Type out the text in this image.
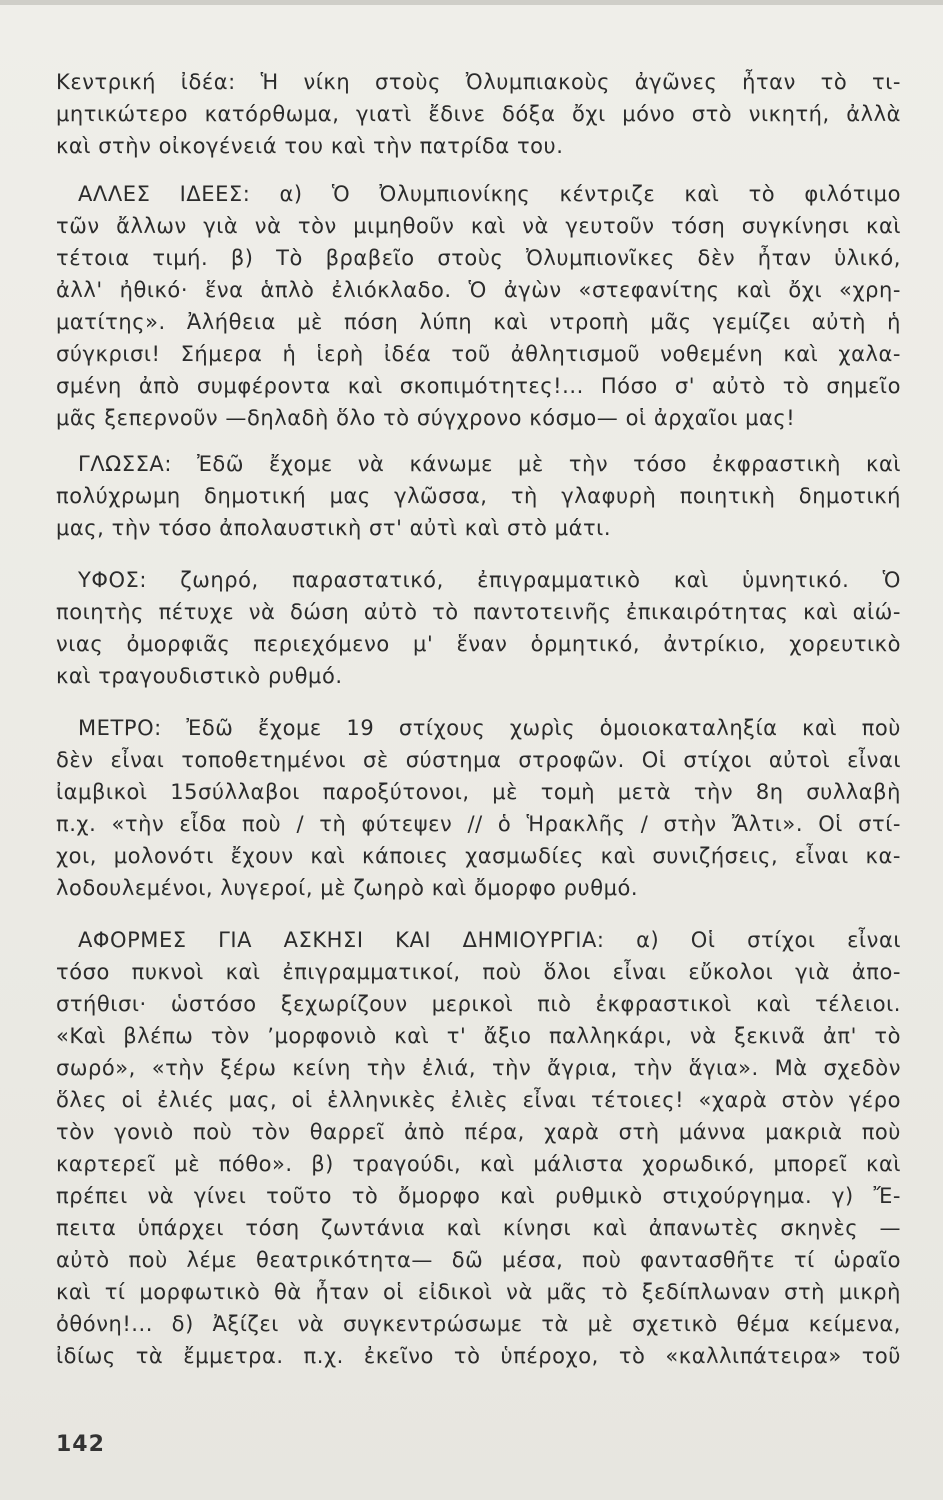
Κεντρική ἰδέα: Ἡ νίκη στοὺς Ὀλυμπιακοὺς ἀγῶνες ἦταν τὸ τι-
μητικώτερο κατόρθωμα, γιατὶ ἔδινε δόξα ὄχι μόνο στὸ νικητή, ἀλλὰ
καὶ στὴν οἰκογένειά του καὶ τὴν πατρίδα του.
ΑΛΛΕΣ ΙΔΕΕΣ: α) Ὁ Ὀλυμπιονίκης κέντριζε καὶ τὸ φιλότιμο
τῶν ἄλλων γιὰ νὰ τὸν μιμηθοῦν καὶ νὰ γευτοῦν τόση συγκίνησι καὶ
τέτοια τιμή. β) Τὸ βραβεῖο στοὺς Ὀλυμπιονῖκες δὲν ἦταν ὑλικό,
ἀλλ' ἠθικό· ἕνα ἁπλὸ ἐλιόκλαδο. Ὁ ἀγὼν «στεφανίτης καὶ ὄχι «χρη-
ματίτης». Ἀλήθεια μὲ πόση λύπη καὶ ντροπὴ μᾶς γεμίζει αὐτὴ ἡ
σύγκρισι! Σήμερα ἡ ἱερὴ ἰδέα τοῦ ἀθλητισμοῦ νοθεμένη καὶ χαλα-
σμένη ἀπὸ συμφέροντα καὶ σκοπιμότητες!... Πόσο σ' αὐτὸ τὸ σημεῖο
μᾶς ξεπερνοῦν —δηλαδὴ ὅλο τὸ σύγχρονο κόσμο— οἱ ἀρχαῖοι μας!
ΓΛΩΣΣΑ: Ἐδῶ ἔχομε νὰ κάνωμε μὲ τὴν τόσο ἐκφραστικὴ καὶ
πολύχρωμη δημοτική μας γλῶσσα, τὴ γλαφυρὴ ποιητικὴ δημοτική
μας, τὴν τόσο ἀπολαυστικὴ στ' αὐτὶ καὶ στὸ μάτι.
ΥΦΟΣ: ζωηρό, παραστατικό, ἐπιγραμματικὸ καὶ ὑμνητικό. Ὁ
ποιητὴς πέτυχε νὰ δώση αὐτὸ τὸ παντοτεινῆς ἐπικαιρότητας καὶ αἰώ-
νιας ὀμορφιᾶς περιεχόμενο μ' ἕναν ὁρμητικό, ἀντρίκιο, χορευτικὸ
καὶ τραγουδιστικὸ ρυθμό.
ΜΕΤΡΟ: Ἐδῶ ἔχομε 19 στίχους χωρὶς ὁμοιοκαταληξία καὶ ποὺ
δὲν εἶναι τοποθετημένοι σὲ σύστημα στροφῶν. Οἱ στίχοι αὐτοὶ εἶναι
ἰαμβικοὶ 15σύλλαβοι παροξύτονοι, μὲ τομὴ μετὰ τὴν 8η συλλαβὴ
π.χ. «τὴν εἶδα ποὺ / τὴ φύτεψεν // ὁ Ἡρακλῆς / στὴν Ἄλτι». Οἱ στί-
χοι, μολονότι ἔχουν καὶ κάποιες χασμωδίες καὶ συνιζήσεις, εἶναι κα-
λοδουλεμένοι, λυγεροί, μὲ ζωηρὸ καὶ ὄμορφο ρυθμό.
ΑΦΟΡΜΕΣ ΓΙΑ ΑΣΚΗΣΙ ΚΑΙ ΔΗΜΙΟΥΡΓΙΑ: α) Οἱ στίχοι εἶναι
τόσο πυκνοὶ καὶ ἐπιγραμματικοί, ποὺ ὅλοι εἶναι εὔκολοι γιὰ ἀπο-
στήθισι· ὡστόσο ξεχωρίζουν μερικοὶ πιὸ ἐκφραστικοὶ καὶ τέλειοι.
«Καὶ βλέπω τὸν ʼμορφονιὸ καὶ τ' ἄξιο παλληκάρι, νὰ ξεκινᾶ ἀπ' τὸ
σωρό», «τὴν ξέρω κείνη τὴν ἐλιά, τὴν ἄγρια, τὴν ἅγια». Μὰ σχεδὸν
ὅλες οἱ ἐλιές μας, οἱ ἑλληνικὲς ἐλιὲς εἶναι τέτοιες! «χαρὰ στὸν γέρο
τὸν γονιὸ ποὺ τὸν θαρρεῖ ἀπὸ πέρα, χαρὰ στὴ μάννα μακριὰ ποὺ
καρτερεῖ μὲ πόθο». β) τραγούδι, καὶ μάλιστα χορωδικό, μπορεῖ καὶ
πρέπει νὰ γίνει τοῦτο τὸ ὄμορφο καὶ ρυθμικὸ στιχούργημα. γ) Ἔ-
πειτα ὑπάρχει τόση ζωντάνια καὶ κίνησι καὶ ἀπανωτὲς σκηνὲς —
αὐτὸ ποὺ λέμε θεατρικότητα— δῶ μέσα, ποὺ φαντασθῆτε τί ὡραῖο
καὶ τί μορφωτικὸ θὰ ἦταν οἱ εἰδικοὶ νὰ μᾶς τὸ ξεδίπλωναν στὴ μικρὴ
ὀθόνη!... δ) Ἀξίζει νὰ συγκεντρώσωμε τὰ μὲ σχετικὸ θέμα κείμενα,
ἰδίως τὰ ἔμμετρα. π.χ. ἐκεῖνο τὸ ὑπέροχο, τὸ «καλλιπάτειρα» τοῦ
142
